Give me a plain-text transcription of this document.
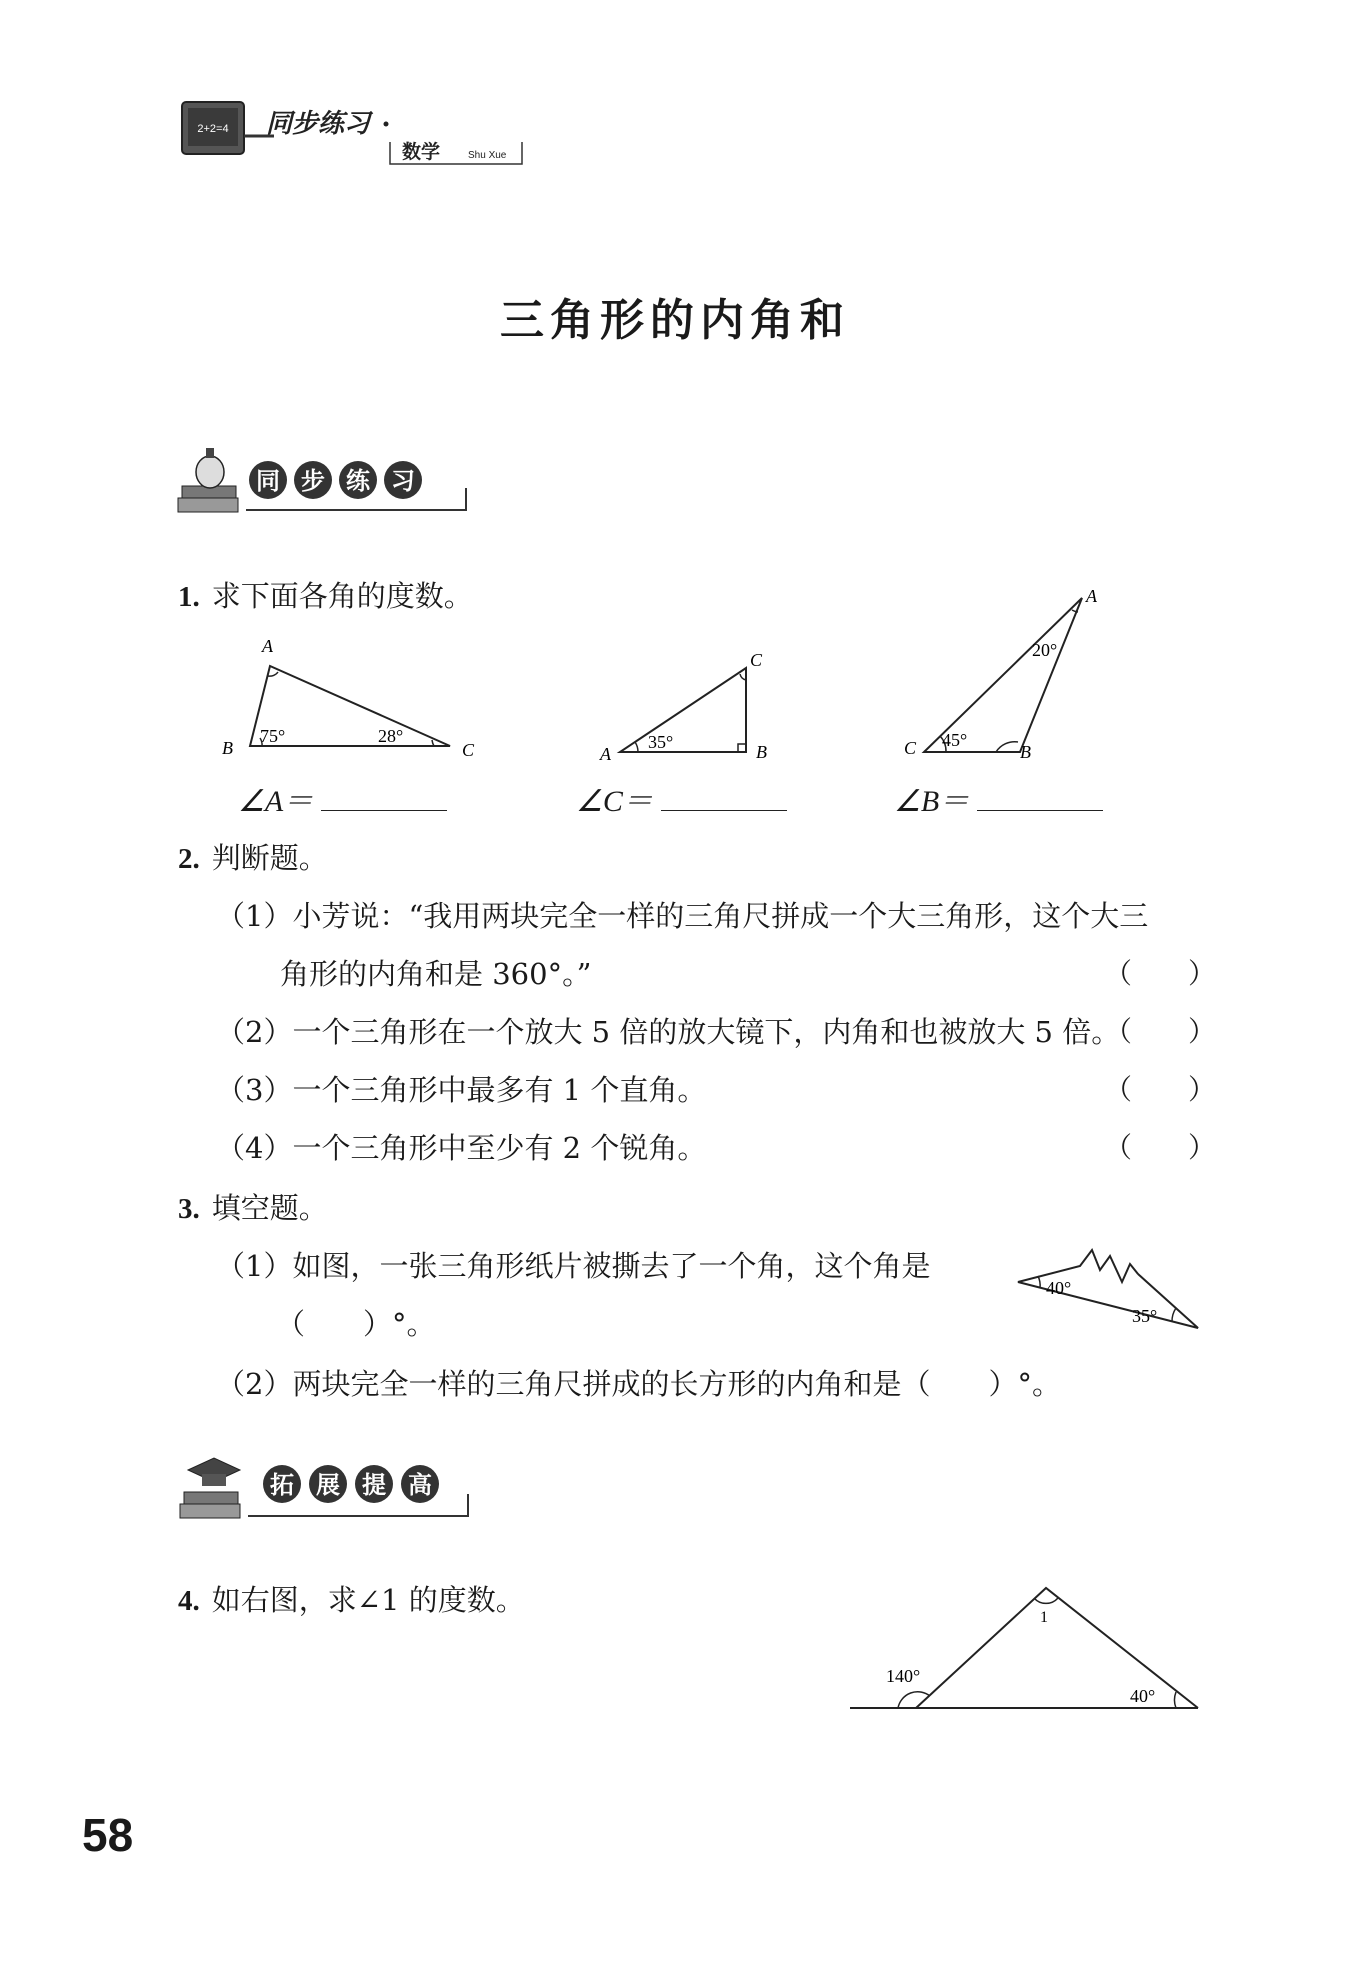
2+2=4 同步练习
数学	Shu Xue
三角形的内角和
同步练习
1. 求下面各角的度数。
A
B	C
75°	28°
A	B
C
35°
A
B
C
20°
45°
∠A＝	∠C＝	∠B＝
2. 判断题。
（1）小芳说：“我用两块完全一样的三角尺拼成一个大三角形，这个大三
角形的内角和是 360°。”	（　　）
（2）一个三角形在一个放大 5 倍的放大镜下，内角和也被放大 5 倍。
（　　）
（3）一个三角形中最多有 1 个直角。	（　　）
（4）一个三角形中至少有 2 个锐角。	（　　）
3. 填空题。
（1）如图，一张三角形纸片被撕去了一个角，这个角是
（　　）°。
（2）两块完全一样的三角尺拼成的长方形的内角和是（　　）°。
40°
35°
拓展提高
4. 如右图，求∠1 的度数。
140°
40°
1
58
